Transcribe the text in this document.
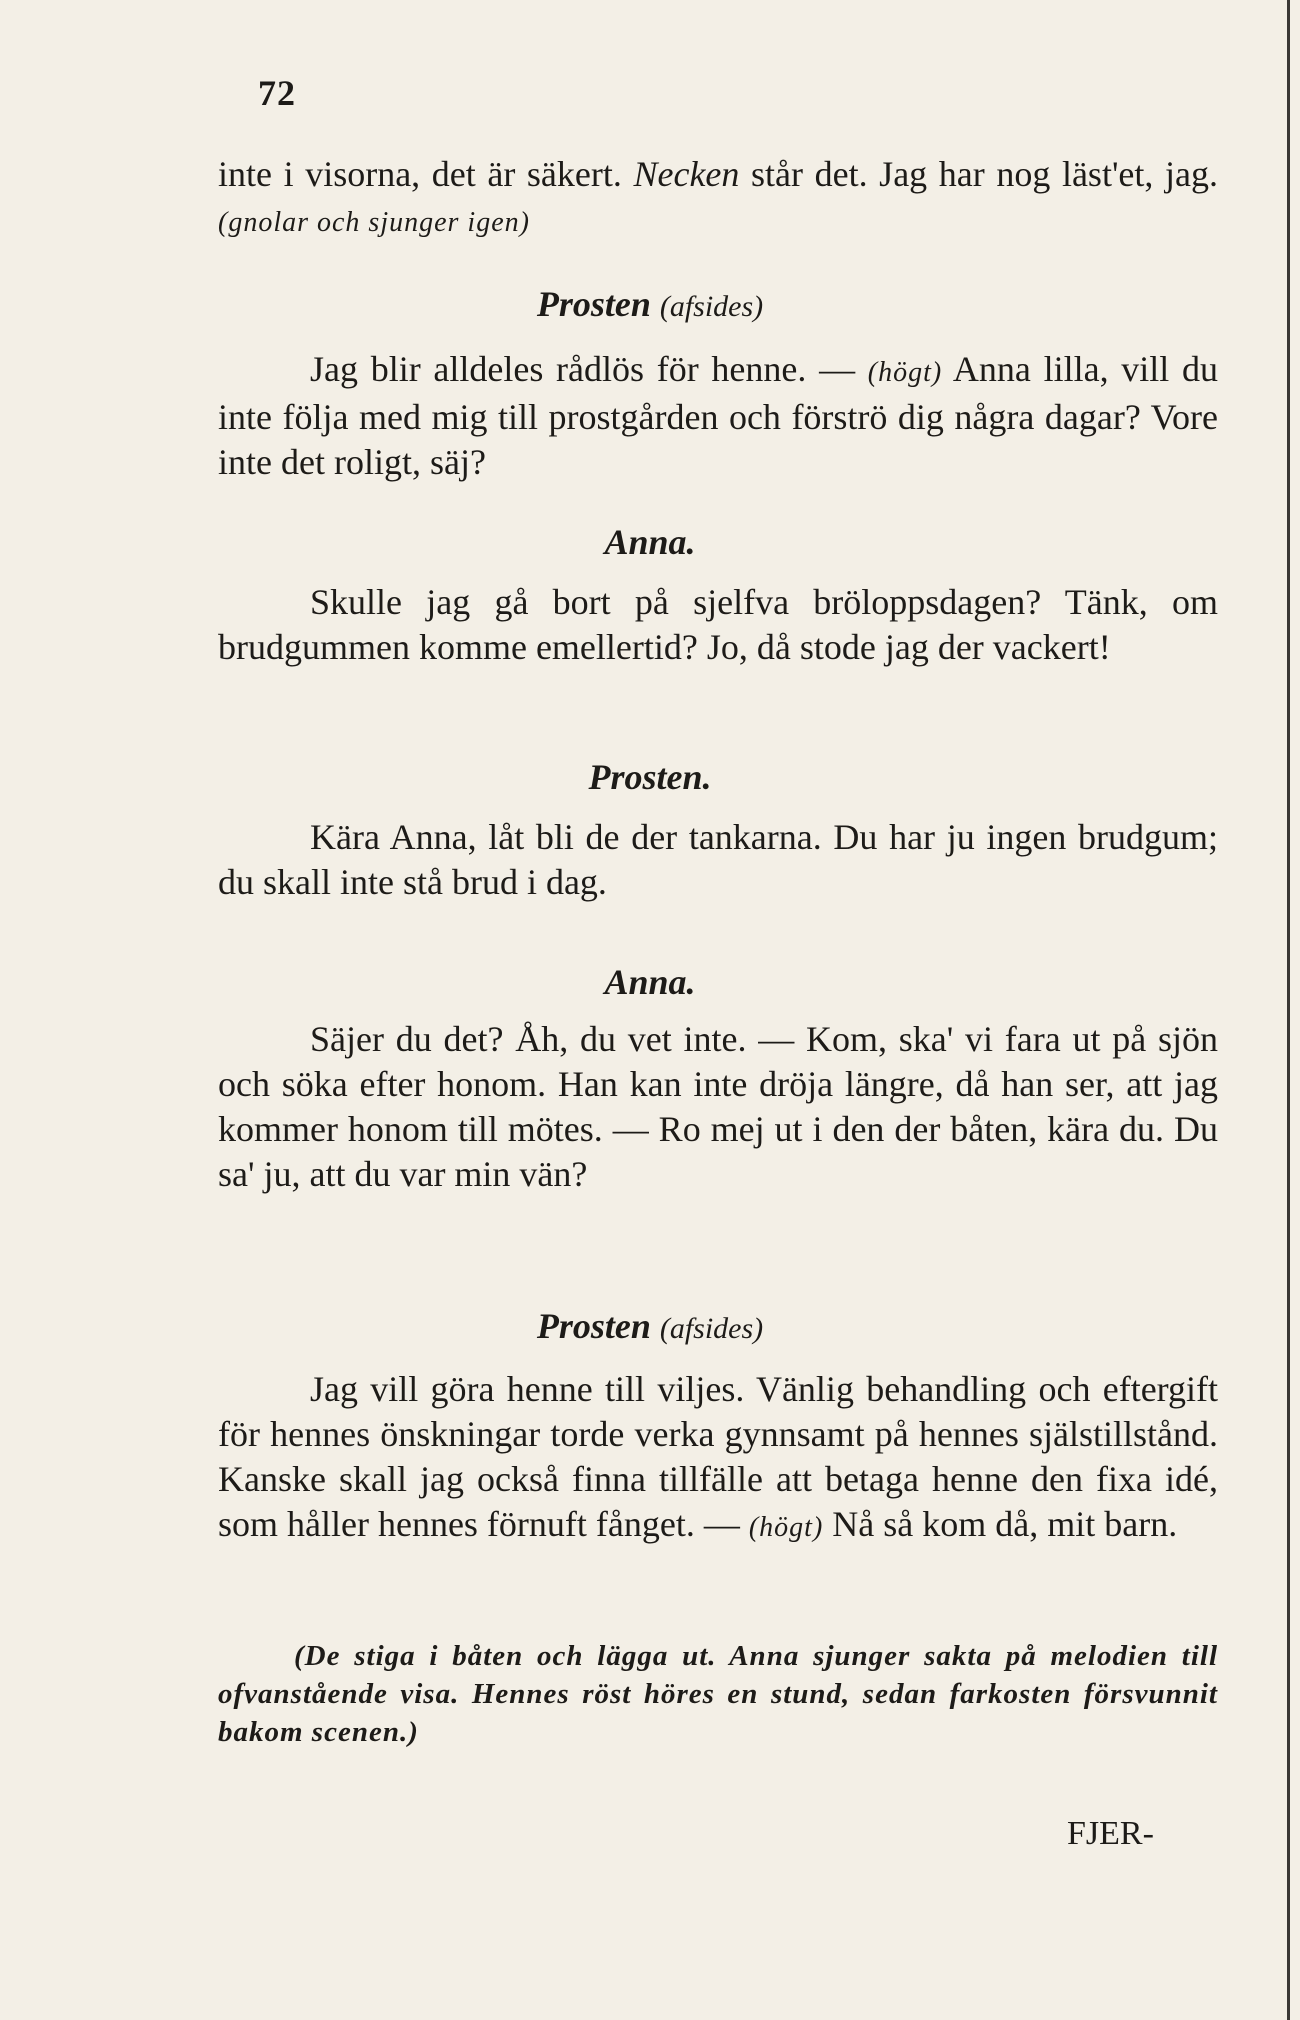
72

inte i visorna, det är säkert. Necken står det. Jag har nog läst'et, jag. (gnolar och sjunger igen)

Prosten (afsides)

Jag blir alldeles rådlös för henne. — (högt) Anna lilla, vill du inte följa med mig till prostgården och förströ dig några dagar? Vore inte det roligt, säj?

Anna.

Skulle jag gå bort på sjelfva bröloppsdagen? Tänk, om brudgummen komme emellertid? Jo, då stode jag der vackert!

Prosten.

Kära Anna, låt bli de der tankarna. Du har ju ingen brudgum; du skall inte stå brud i dag.

Anna.

Säjer du det? Åh, du vet inte. — Kom, ska' vi fara ut på sjön och söka efter honom. Han kan inte dröja längre, då han ser, att jag kommer honom till mötes. — Ro mej ut i den der båten, kära du. Du sa' ju, att du var min vän?

Prosten (afsides)

Jag vill göra henne till viljes. Vänlig behandling och eftergift för hennes önskningar torde verka gynnsamt på hennes själstillstånd. Kanske skall jag också finna tillfälle att betaga henne den fixa idé, som håller hennes förnuft fånget. — (högt) Nå så kom då, mit barn.

(De stiga i båten och lägga ut. Anna sjunger sakta på melodien till ofvanstående visa. Hennes röst höres en stund, sedan farkosten försvunnit bakom scenen.)

FJER-
